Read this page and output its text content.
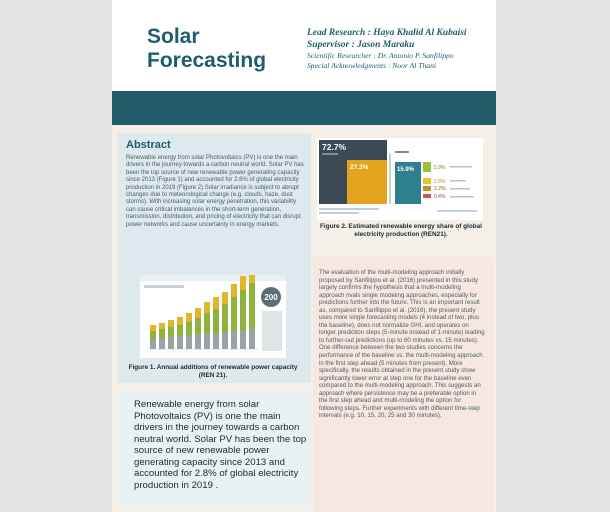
Solar
Forecasting
Lead Research : Haya Khalid Al Kubaisi
Supervisor : Jason Maraku
Scientific Researcher : Dr. Antonio P. Sanfilippo
Special Acknowledgments : Noor Al Thani
Abstract
Renewable energy from solar Photovoltaics (PV) is one the main drivers in the journey towards a carbon neutral world. Solar PV has been the top source of new renewable power generating capacity since 2013 (Figure 1) and accounted for 2.8% of global electricity production in 2019 (Figure 2).Solar irradiance is subject to abrupt changes due to meteorological change (e.g. clouds, haze, dust storms). With increasing solar energy penetration, this variability can cause critical imbalances in the short-term generation, transmission, distribution, and pricing of electricity that can disrupt power networks and cause uncertainty in energy markets.
200
Figure 1. Annual additions of renewable power capacity (REN 21).
Renewable energy from solar Photovoltaics (PV) is one the main drivers in the journey towards a carbon neutral world. Solar PV has been the top source of new renewable power generating capacity since 2013 and accounted for 2.8% of global electricity production in 2019 .
72.7%
27.3%	15.9%	5.9%
2.8%
2.2%
0.4%
Figure 2. Estimated renewable energy share of global electricity production (REN21).
The evaluation of the multi-modeling approach initially proposed by Sanfilippo et al. (2016) presented in this study largely confirms the hypothesis that a multi-modeling approach rivals single modeling approaches, especially for predictions further into the future. This is an important result as, compared to Sanfilippo et al. (2016), the present study uses more single forecasting models (4 instead of two, plus the baseline), does not normalize GHI, and operates on longer prediction steps (5-minute instead of 1-minute) leading to further-out predictions (up to 60 minutes vs. 15 minutes). One difference between the two studies concerns the performance of the baseline vs. the multi-modeling approach in the first step ahead (5 minutes from present). More specifically, the results obtained in the present study show significantly lower error at step one for the baseline even compared to the multi-modeling approach. This suggests an approach where persistence may be a preferable option in the first step ahead and multi-modeling the option for following steps. Further experiments with different time-step intervals (e.g. 10, 15, 20, 25 and 30 minutes).
